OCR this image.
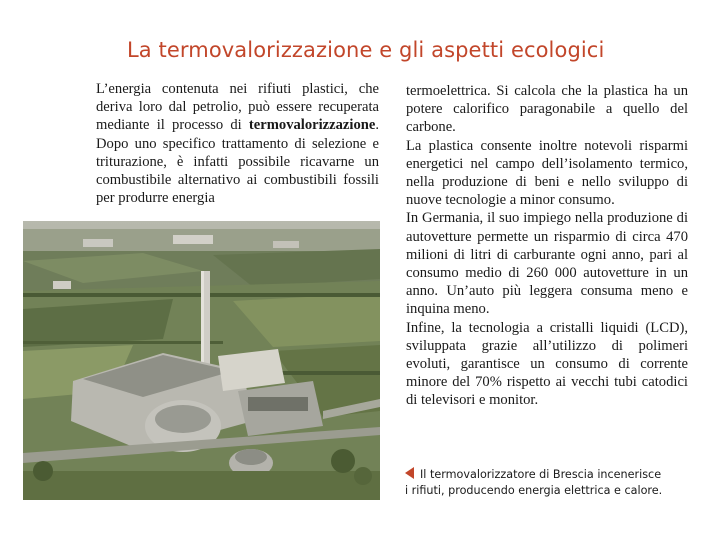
La termovalorizzazione e gli aspetti ecologici

L’energia contenuta nei rifiuti plastici, che deriva loro dal petrolio, può essere recuperata mediante il processo di termovalorizzazione. Dopo uno specifico trattamento di selezione e triturazione, è infatti possibile ricavarne un combustibile alternativo ai combustibili fossili per produrre energia

termoelettrica. Si calcola che la plastica ha un potere calorifico paragonabile a quello del carbone.

La plastica consente inoltre notevoli risparmi energetici nel campo dell’isolamento termico, nella produzione di beni e nello sviluppo di nuove tecnologie a minor consumo.

In Germania, il suo impiego nella produzione di autovetture permette un risparmio di circa 470 milioni di litri di carburante ogni anno, pari al consumo medio di 260 000 autovetture in un anno. Un’auto più leggera consuma meno e inquina meno.

Infine, la tecnologia a cristalli liquidi (LCD), sviluppata grazie all’utilizzo di polimeri evoluti, garantisce un consumo di corrente minore del 70% rispetto ai vecchi tubi catodici di televisori e monitor.

Il termovalorizzatore di Brescia incenerisce
i rifiuti, producendo energia elettrica e calore.
